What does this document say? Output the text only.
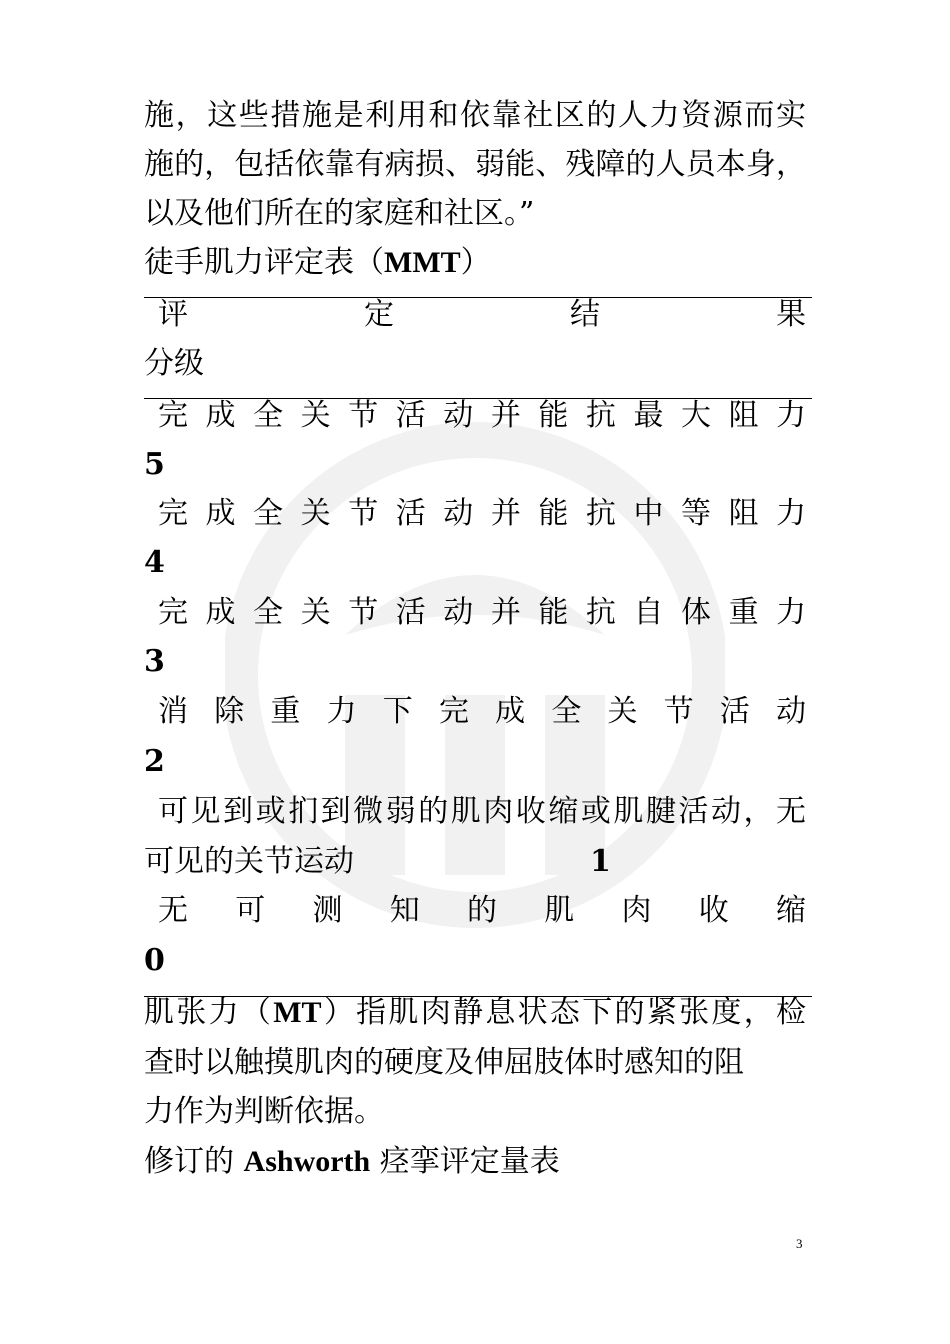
施，这些措施是利用和依靠社区的人力资源而实
施的，包括依靠有病损、弱能、残障的人员本身，
以及他们所在的家庭和社区。”
徒手肌力评定表（MMT）
评	定	结	果
分级
完 成 全 关 节 活 动 并 能 抗 最 大 阻 力
5
完 成 全 关 节 活 动 并 能 抗 中 等 阻 力
4
完 成 全 关 节 活 动 并 能 抗 自 体 重 力
3
消 除 重 力 下 完 成 全 关 节 活 动
2
可见到或扪到微弱的肌肉收缩或肌腱活动，无
可见的关节运动	1
无 可 测 知 的 肌 肉 收 缩
0
肌张力（MT）指肌肉静息状态下的紧张度，检
查时以触摸肌肉的硬度及伸屈肢体时感知的阻
力作为判断依据。
修订的 Ashworth 痉挛评定量表
3
